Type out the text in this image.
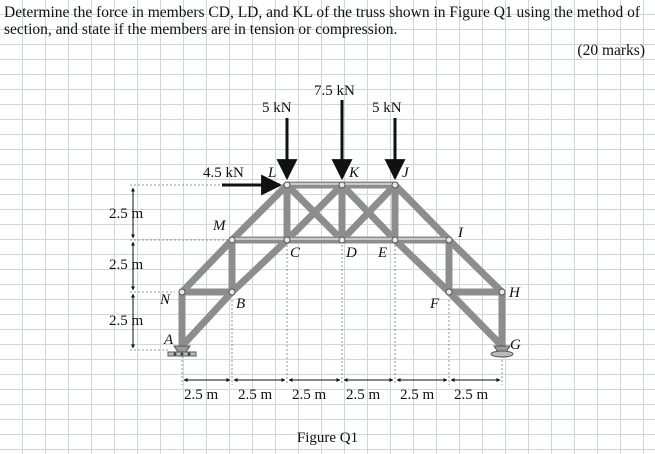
Determine the force in members CD, LD, and KL of the truss shown in Figure Q1 using the method of section, and state if the members are in tension or compression.
(20 marks)
5 kN
7.5 kN
5 kN
4.5 kN L	K	J
M
C	D E
I
N	B	F
H
A	G
2.5 m
2.5 m
2.5 m
2.5 m 2.5 m 2.5 m 2.5 m 2.5 m 2.5 m
Figure Q1
